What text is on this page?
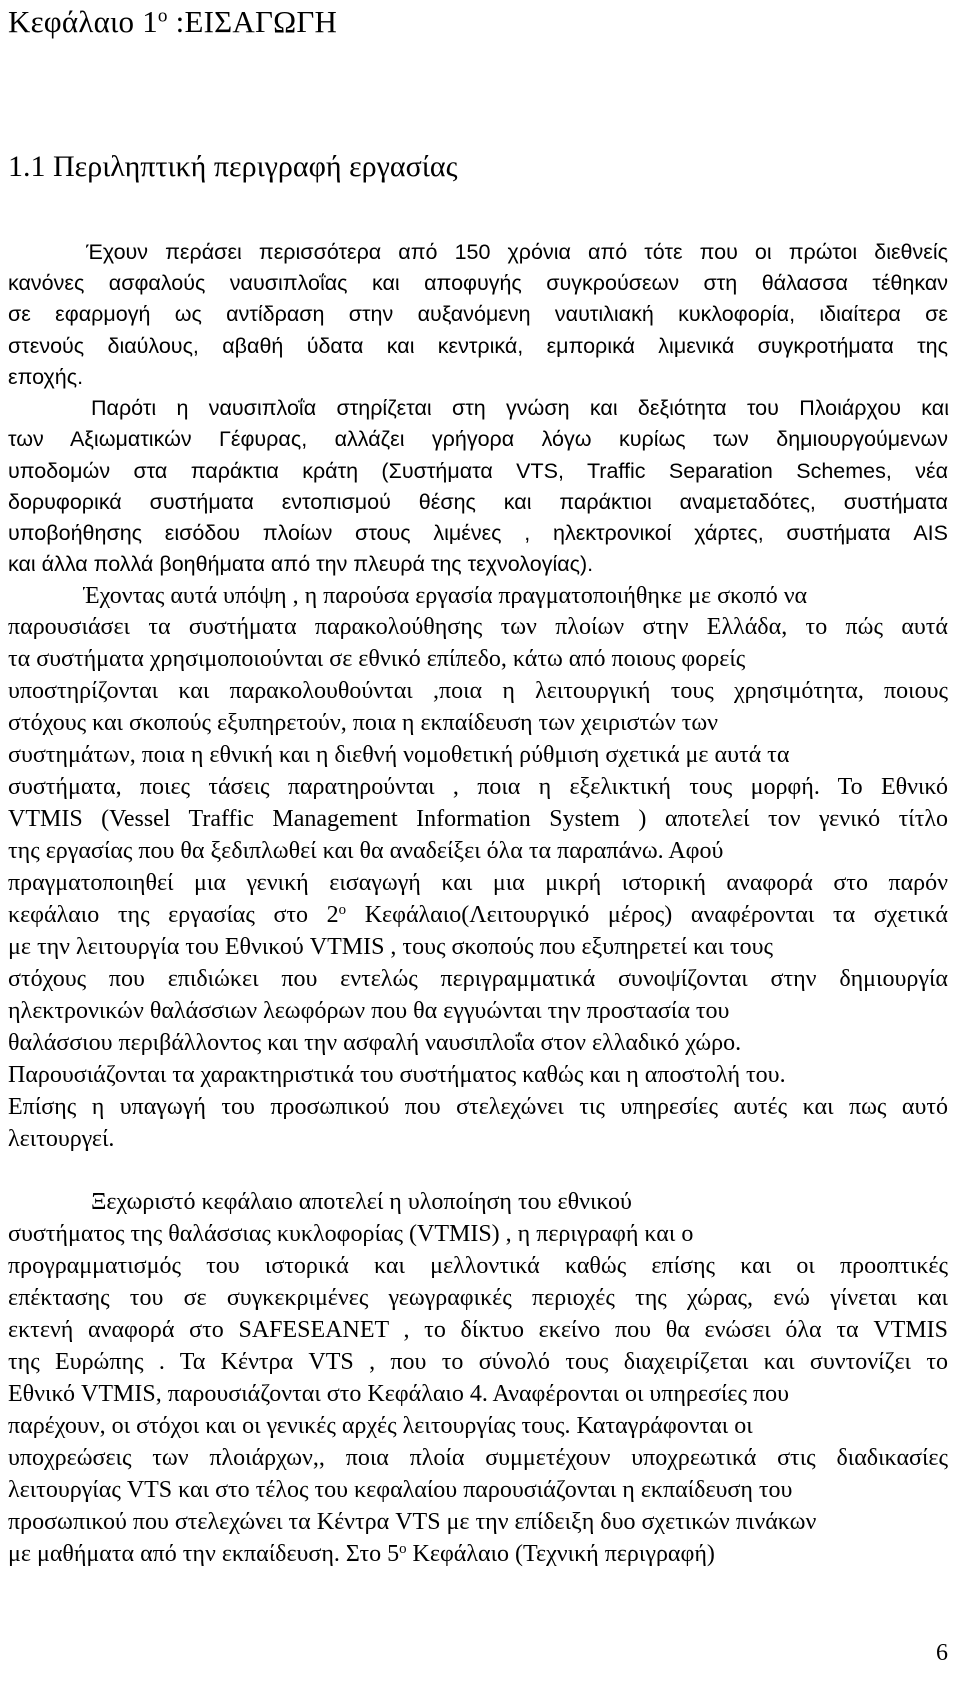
Κεφάλαιο $1^o$ :ΕΙΣΑΓΩΓΗ
1.1 Περιληπτική περιγραφή εργασίας
Έχουν περάσει περισσότερα από 150 χρόνια από τότε που οι πρώτοι διεθνείς
κανόνες ασφαλούς ναυσιπλοΐας και αποφυγής συγκρούσεων στη θάλασσα τέθηκαν
σε εφαρμογή ως αντίδραση στην αυξανόμενη ναυτιλιακή κυκλοφορία, ιδιαίτερα σε
στενούς διαύλους, αβαθή ύδατα και κεντρικά, εμπορικά λιμενικά συγκροτήματα της
εποχής.
Παρότι η ναυσιπλοΐα στηρίζεται στη γνώση και δεξιότητα του Πλοιάρχου και
των Αξιωματικών Γέφυρας, αλλάζει γρήγορα λόγω κυρίως των δημιουργούμενων
υποδομών στα παράκτια κράτη (Συστήματα VTS, Traffic Separation Schemes, νέα
δορυφορικά συστήματα εντοπισμού θέσης και παράκτιοι αναμεταδότες, συστήματα
υποβοήθησης εισόδου πλοίων στους λιμένες , ηλεκτρονικοί χάρτες, συστήματα AIS
και άλλα πολλά βοηθήματα από την πλευρά της τεχνολογίας).
Έχοντας αυτά υπόψη , η παρούσα εργασία πραγματοποιήθηκε με σκοπό να
παρουσιάσει τα συστήματα παρακολούθησης των πλοίων στην Ελλάδα, το πώς αυτά
τα συστήματα χρησιμοποιούνται σε εθνικό επίπεδο, κάτω από ποιους φορείς
υποστηρίζονται και παρακολουθούνται ,ποια η λειτουργική τους χρησιμότητα, ποιους
στόχους και σκοπούς εξυπηρετούν, ποια η εκπαίδευση των χειριστών των
συστημάτων, ποια η εθνική και η διεθνή νομοθετική ρύθμιση σχετικά με αυτά τα
συστήματα, ποιες τάσεις παρατηρούνται , ποια η εξελικτική τους μορφή. Το Εθνικό
VTMIS (Vessel Traffic Management Information System ) αποτελεί τον γενικό τίτλο
της εργασίας που θα ξεδιπλωθεί και θα αναδείξει όλα τα παραπάνω. Αφού
πραγματοποιηθεί μια γενική εισαγωγή και μια μικρή ιστορική αναφορά στο παρόν
κεφάλαιο της εργασίας στο $2^o$ Κεφάλαιο(Λειτουργικό μέρος) αναφέρονται τα σχετικά
με την λειτουργία του Εθνικού VTMIS , τους σκοπούς που εξυπηρετεί και τους
στόχους που επιδιώκει που εντελώς περιγραμματικά συνοψίζονται στην δημιουργία
ηλεκτρονικών θαλάσσιων λεωφόρων που θα εγγυώνται την προστασία του
θαλάσσιου περιβάλλοντος και την ασφαλή ναυσιπλοΐα στον ελλαδικό χώρο.
Παρουσιάζονται τα χαρακτηριστικά του συστήματος καθώς και η αποστολή του.
Επίσης η υπαγωγή του προσωπικού που στελεχώνει τις υπηρεσίες αυτές και πως αυτό
λειτουργεί.
Ξεχωριστό κεφάλαιο αποτελεί η υλοποίηση του εθνικού
συστήματος της θαλάσσιας κυκλοφορίας (VTMIS) , η περιγραφή και ο
προγραμματισμός του ιστορικά και μελλοντικά καθώς επίσης και οι προοπτικές
επέκτασης του σε συγκεκριμένες γεωγραφικές περιοχές της χώρας, ενώ γίνεται και
εκτενή αναφορά στο SAFESEANET , το δίκτυο εκείνο που θα ενώσει όλα τα VTMIS
της Ευρώπης . Τα Κέντρα VTS , που το σύνολό τους διαχειρίζεται και συντονίζει το
Εθνικό VTMIS, παρουσιάζονται στο Κεφάλαιο 4. Αναφέρονται οι υπηρεσίες που
παρέχουν, οι στόχοι και οι γενικές αρχές λειτουργίας τους. Καταγράφονται οι
υποχρεώσεις των πλοιάρχων,, ποια πλοία συμμετέχουν υποχρεωτικά στις διαδικασίες
λειτουργίας VTS και στο τέλος του κεφαλαίου παρουσιάζονται η εκπαίδευση του
προσωπικού που στελεχώνει τα Κέντρα VTS με την επίδειξη δυο σχετικών πινάκων
με μαθήματα από την εκπαίδευση. Στο $5^o$ Κεφάλαιο (Τεχνική περιγραφή)
6
